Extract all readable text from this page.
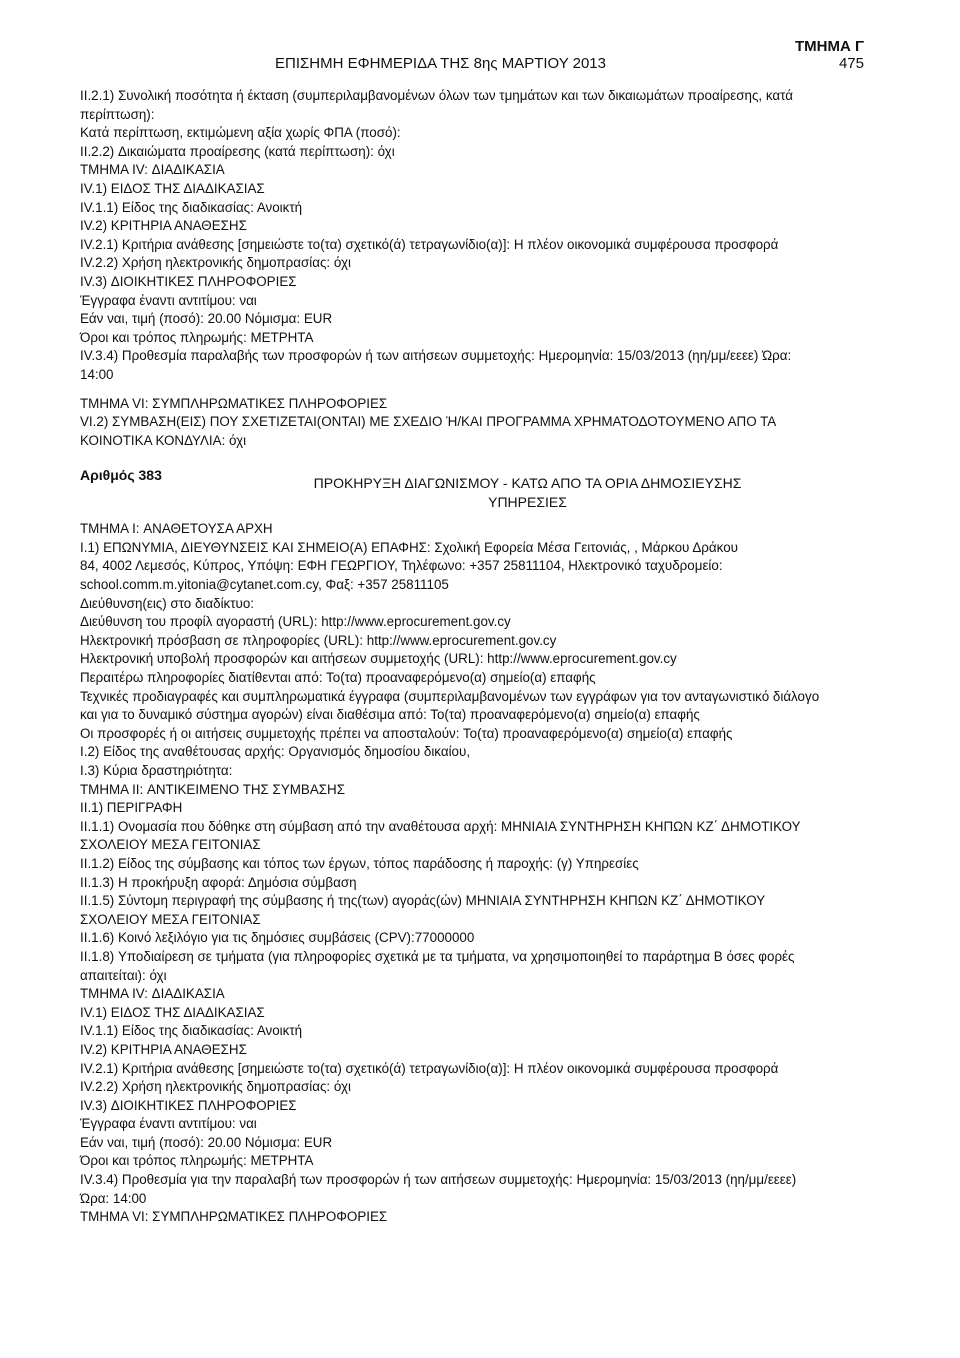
ΤΜΗΜΑ Γ
ΕΠΙΣΗΜΗ ΕΦΗΜΕΡΙΔΑ ΤΗΣ 8ης ΜΑΡΤΙΟΥ 2013	475

II.2.1) Συνολική ποσότητα ή έκταση (συμπεριλαμβανομένων όλων των τμημάτων και των δικαιωμάτων προαίρεσης, κατά

περίπτωση):

Κατά περίπτωση, εκτιμώμενη αξία χωρίς ΦΠΑ (ποσό):

II.2.2) Δικαιώματα προαίρεσης (κατά περίπτωση): όχι

ΤΜΗΜΑ IV: ΔΙΑΔΙΚΑΣΙΑ

IV.1) ΕΙΔΟΣ ΤΗΣ ΔΙΑΔΙΚΑΣΙΑΣ

IV.1.1) Είδος της διαδικασίας: Ανοικτή

IV.2) ΚΡΙΤΗΡΙΑ ΑΝΑΘΕΣΗΣ

IV.2.1) Κριτήρια ανάθεσης [σημειώστε το(τα) σχετικό(ά) τετραγωνίδιο(α)]: Η πλέον οικονομικά συμφέρουσα προσφορά

IV.2.2) Χρήση ηλεκτρονικής δημοπρασίας: όχι

IV.3) ΔΙΟΙΚΗΤΙΚΕΣ ΠΛΗΡΟΦΟΡΙΕΣ

Έγγραφα έναντι αντιτίμου: ναι

Εάν ναι, τιμή (ποσό): 20.00 Νόμισμα: EUR

Όροι και τρόπος πληρωμής: ΜΕΤΡΗΤΑ

IV.3.4) Προθεσμία παραλαβής των προσφορών ή των αιτήσεων συμμετοχής: Ημερομηνία: 15/03/2013 (ηη/μμ/εεεε) Ώρα:

14:00

ΤΜΗΜΑ VI: ΣΥΜΠΛΗΡΩΜΑΤΙΚΕΣ ΠΛΗΡΟΦΟΡΙΕΣ

VI.2) ΣΥΜΒΑΣΗ(ΕΙΣ) ΠΟΥ ΣΧΕΤΙΖΕΤΑΙ(ΟΝΤΑΙ) ΜΕ ΣΧΕΔΙΟ Ή/ΚΑΙ ΠΡΟΓΡΑΜΜΑ ΧΡΗΜΑΤΟΔΟΤΟΥΜΕΝΟ ΑΠΟ ΤΑ

ΚΟΙΝΟΤΙΚΑ ΚΟΝΔΥΛΙΑ: όχι

Αριθμός 383	ΠΡΟΚΗΡΥΞΗ ΔΙΑΓΩΝΙΣΜΟΥ - ΚΑΤΩ ΑΠΟ ΤΑ ΟΡΙΑ ΔΗΜΟΣΙΕΥΣΗΣ
ΥΠΗΡΕΣΙΕΣ

ΤΜΗΜΑ I: ΑΝΑΘΕΤΟΥΣΑ ΑΡΧΗ

I.1) ΕΠΩΝΥΜΙΑ, ΔΙΕΥΘΥΝΣΕΙΣ ΚΑΙ ΣΗΜΕΙΟ(Α) ΕΠΑΦΗΣ: Σχολική Εφορεία Μέσα Γειτονιάς, , Μάρκου Δράκου

84, 4002 Λεμεσός, Κύπρος, Υπόψη: ΕΦΗ ΓΕΩΡΓΙΟΥ, Τηλέφωνο: +357 25811104, Ηλεκτρονικό ταχυδρομείο:

school.comm.m.yitonia@cytanet.com.cy, Φαξ: +357 25811105

Διεύθυνση(εις) στο διαδίκτυο:

Διεύθυνση του προφίλ αγοραστή (URL): http://www.eprocurement.gov.cy

Ηλεκτρονική πρόσβαση σε πληροφορίες (URL): http://www.eprocurement.gov.cy

Ηλεκτρονική υποβολή προσφορών και αιτήσεων συμμετοχής (URL): http://www.eprocurement.gov.cy

Περαιτέρω πληροφορίες διατίθενται από: Το(τα) προαναφερόμενο(α) σημείο(α) επαφής

Τεχνικές προδιαγραφές και συμπληρωματικά έγγραφα (συμπεριλαμβανομένων των εγγράφων για τον ανταγωνιστικό διάλογο

και για το δυναμικό σύστημα αγορών) είναι διαθέσιμα από: Το(τα) προαναφερόμενο(α) σημείο(α) επαφής

Οι προσφορές ή οι αιτήσεις συμμετοχής πρέπει να αποσταλούν: Το(τα) προαναφερόμενο(α) σημείο(α) επαφής

I.2) Είδος της αναθέτουσας αρχής: Οργανισμός δημοσίου δικαίου,

I.3) Κύρια δραστηριότητα:

ΤΜΗΜΑ II: ΑΝΤΙΚΕΙΜΕΝΟ ΤΗΣ ΣΥΜΒΑΣΗΣ

II.1) ΠΕΡΙΓΡΑΦΗ

II.1.1) Ονομασία που δόθηκε στη σύμβαση από την αναθέτουσα αρχή: ΜΗΝΙΑΙΑ ΣΥΝΤΗΡΗΣΗ ΚΗΠΩΝ ΚΖ΄ ΔΗΜΟΤΙΚΟΥ

ΣΧΟΛΕΙΟΥ ΜΕΣΑ ΓΕΙΤΟΝΙΑΣ

II.1.2) Είδος της σύμβασης και τόπος των έργων, τόπος παράδοσης ή παροχής: (γ) Υπηρεσίες

II.1.3) Η προκήρυξη αφορά: Δημόσια σύμβαση

II.1.5) Σύντομη περιγραφή της σύμβασης ή της(των) αγοράς(ών) ΜΗΝΙΑΙΑ ΣΥΝΤΗΡΗΣΗ ΚΗΠΩΝ ΚΖ΄ ΔΗΜΟΤΙΚΟΥ

ΣΧΟΛΕΙΟΥ ΜΕΣΑ ΓΕΙΤΟΝΙΑΣ

II.1.6) Κοινό λεξιλόγιο για τις δημόσιες συμβάσεις (CPV):77000000

II.1.8) Υποδιαίρεση σε τμήματα (για πληροφορίες σχετικά με τα τμήματα, να χρησιμοποιηθεί το παράρτημα Β όσες φορές

απαιτείται): όχι

ΤΜΗΜΑ IV: ΔΙΑΔΙΚΑΣΙΑ

IV.1) ΕΙΔΟΣ ΤΗΣ ΔΙΑΔΙΚΑΣΙΑΣ

IV.1.1) Είδος της διαδικασίας: Ανοικτή

IV.2) ΚΡΙΤΗΡΙΑ ΑΝΑΘΕΣΗΣ

IV.2.1) Κριτήρια ανάθεσης [σημειώστε το(τα) σχετικό(ά) τετραγωνίδιο(α)]: Η πλέον οικονομικά συμφέρουσα προσφορά

IV.2.2) Χρήση ηλεκτρονικής δημοπρασίας: όχι

IV.3) ΔΙΟΙΚΗΤΙΚΕΣ ΠΛΗΡΟΦΟΡΙΕΣ

Έγγραφα έναντι αντιτίμου: ναι

Εάν ναι, τιμή (ποσό): 20.00 Νόμισμα: EUR

Όροι και τρόπος πληρωμής: ΜΕΤΡΗΤΑ

IV.3.4) Προθεσμία για την παραλαβή των προσφορών ή των αιτήσεων συμμετοχής: Ημερομηνία: 15/03/2013 (ηη/μμ/εεεε)

Ώρα: 14:00

ΤΜΗΜΑ VI: ΣΥΜΠΛΗΡΩΜΑΤΙΚΕΣ ΠΛΗΡΟΦΟΡΙΕΣ
